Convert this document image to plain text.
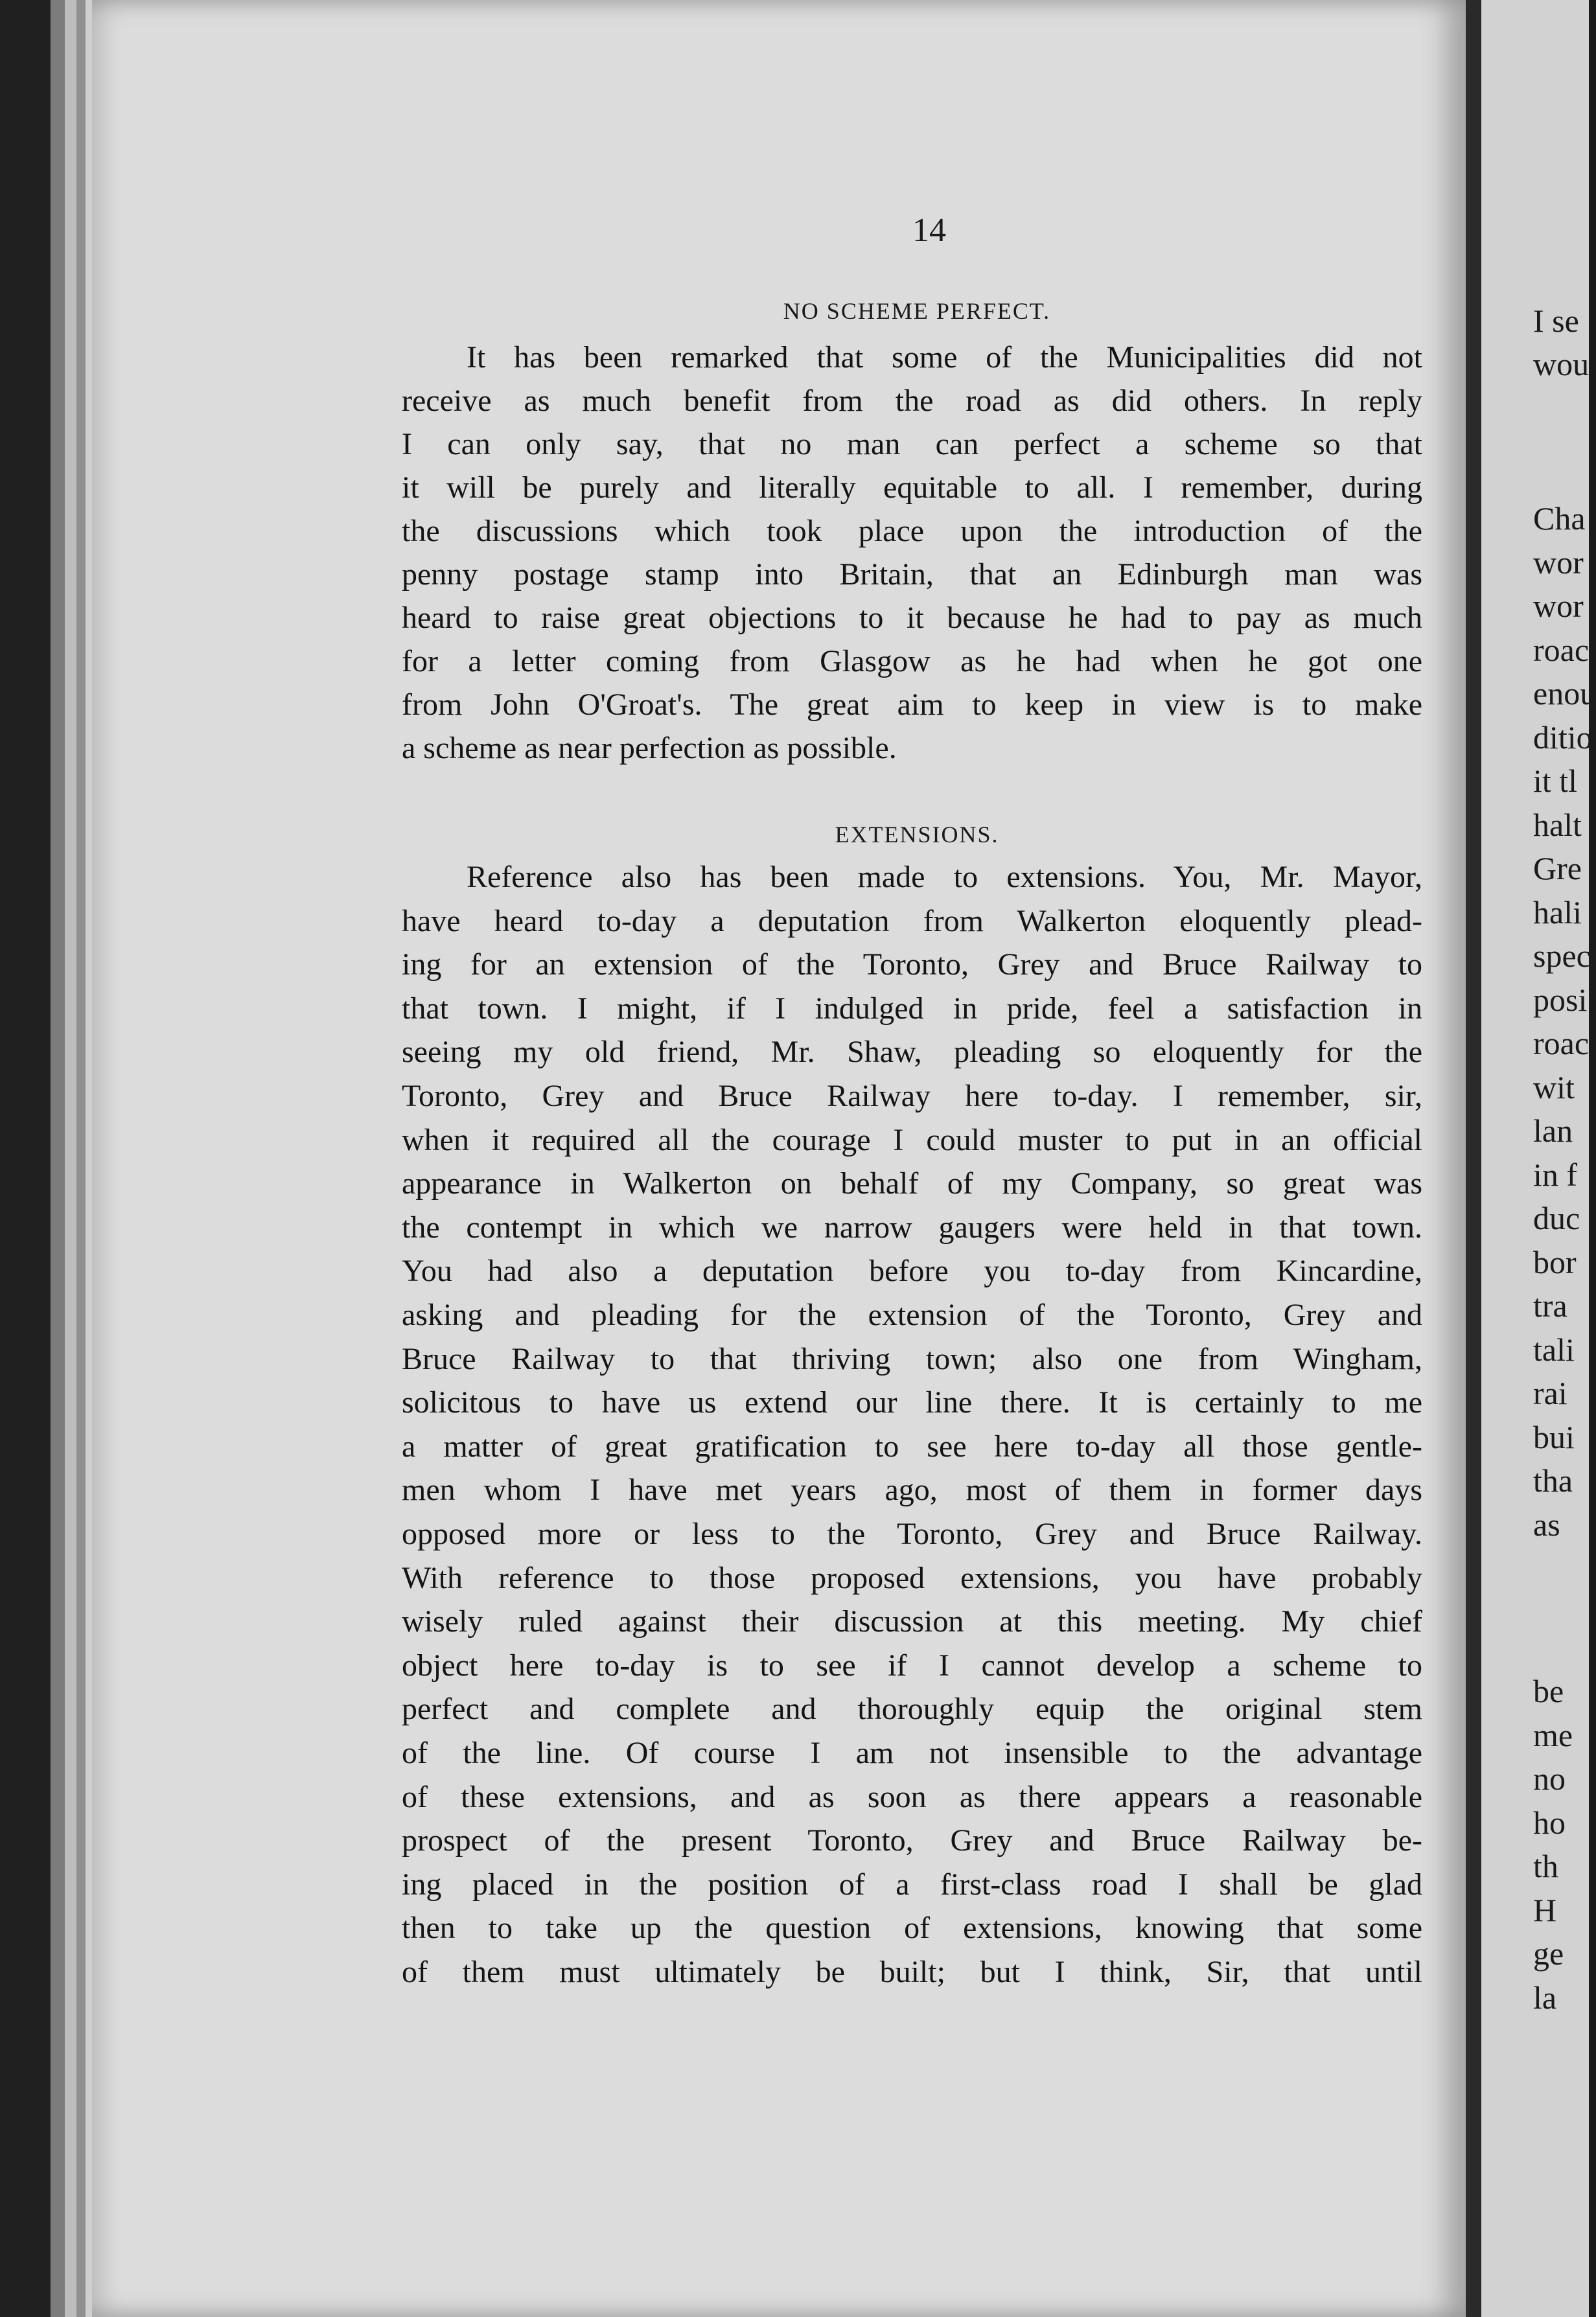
I se
wou
Cha
wor
wor
roac
enou
ditio
it tl
halt
Gre
hali
spec
posi
roac
wit
lan
in f
duc
bor
tra
tali
rai
bui
tha
as
be
me
no
ho
th
H
ge
la
14
NO SCHEME PERFECT.
It has been remarked that some of the Municipalities did not
receive as much benefit from the road as did others. In reply
I can only say, that no man can perfect a scheme so that
it will be purely and literally equitable to all. I remember, during
the discussions which took place upon the introduction of the
penny postage stamp into Britain, that an Edinburgh man was
heard to raise great objections to it because he had to pay as much
for a letter coming from Glasgow as he had when he got one
from John O'Groat's. The great aim to keep in view is to make
a scheme as near perfection as possible.
EXTENSIONS.
Reference also has been made to extensions. You, Mr. Mayor,
have heard to-day a deputation from Walkerton eloquently plead-
ing for an extension of the Toronto, Grey and Bruce Railway to
that town. I might, if I indulged in pride, feel a satisfaction in
seeing my old friend, Mr. Shaw, pleading so eloquently for the
Toronto, Grey and Bruce Railway here to-day. I remember, sir,
when it required all the courage I could muster to put in an official
appearance in Walkerton on behalf of my Company, so great was
the contempt in which we narrow gaugers were held in that town.
You had also a deputation before you to-day from Kincardine,
asking and pleading for the extension of the Toronto, Grey and
Bruce Railway to that thriving town; also one from Wingham,
solicitous to have us extend our line there. It is certainly to me
a matter of great gratification to see here to-day all those gentle-
men whom I have met years ago, most of them in former days
opposed more or less to the Toronto, Grey and Bruce Railway.
With reference to those proposed extensions, you have probably
wisely ruled against their discussion at this meeting. My chief
object here to-day is to see if I cannot develop a scheme to
perfect and complete and thoroughly equip the original stem
of the line. Of course I am not insensible to the advantage
of these extensions, and as soon as there appears a reasonable
prospect of the present Toronto, Grey and Bruce Railway be-
ing placed in the position of a first-class road I shall be glad
then to take up the question of extensions, knowing that some
of them must ultimately be built; but I think, Sir, that until
